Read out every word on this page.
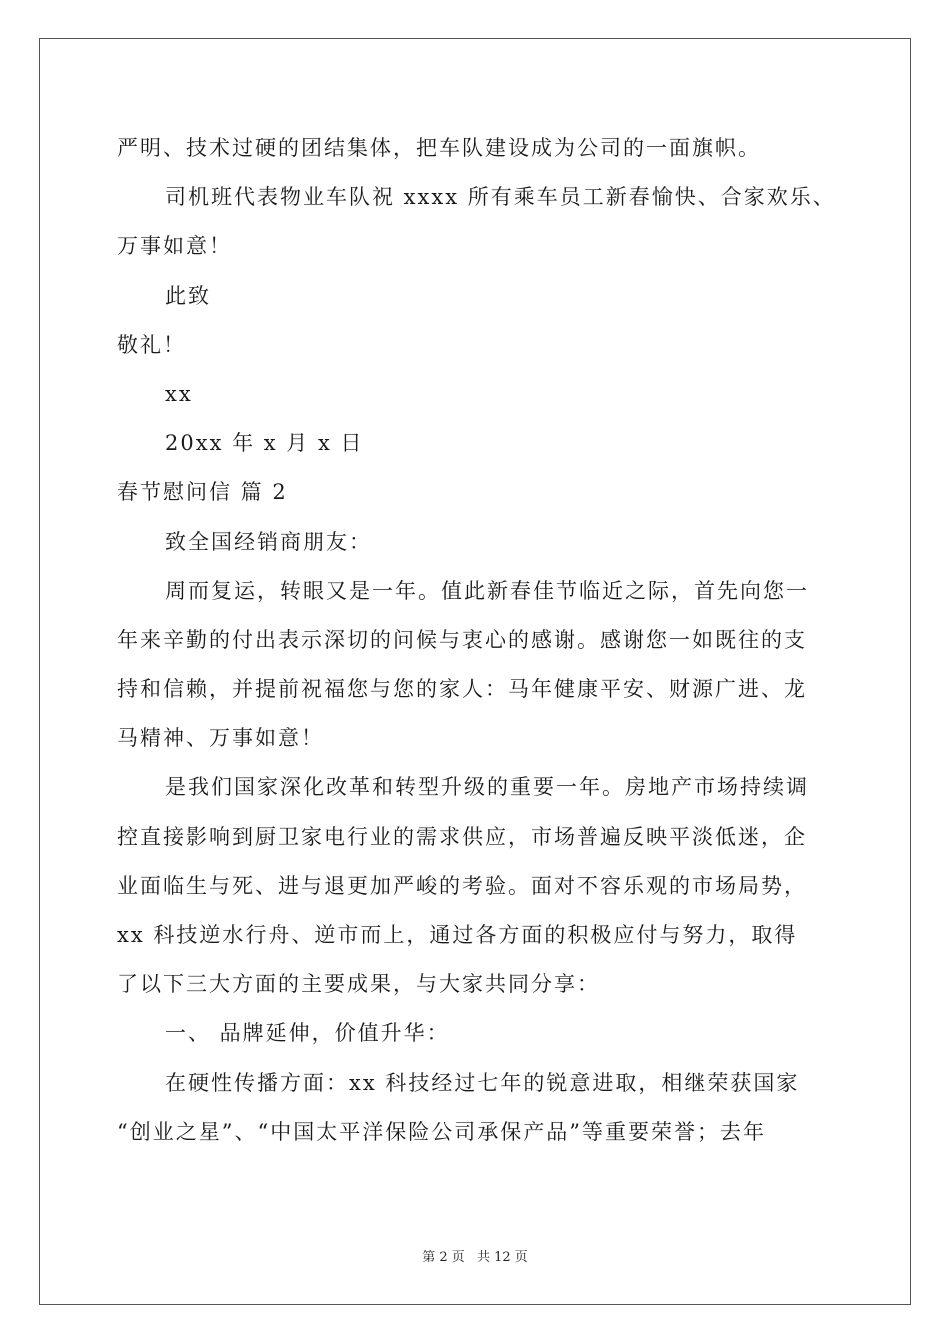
严明、技术过硬的团结集体，把车队建设成为公司的一面旗帜。
司机班代表物业车队祝 xxxx 所有乘车员工新春愉快、合家欢乐、
万事如意！
此致
敬礼！
xx
20xx 年 x 月 x 日
春节慰问信 篇 2
致全国经销商朋友：
周而复运，转眼又是一年。值此新春佳节临近之际，首先向您一
年来辛勤的付出表示深切的问候与衷心的感谢。感谢您一如既往的支
持和信赖，并提前祝福您与您的家人：马年健康平安、财源广进、龙
马精神、万事如意！
是我们国家深化改革和转型升级的重要一年。房地产市场持续调
控直接影响到厨卫家电行业的需求供应，市场普遍反映平淡低迷，企
业面临生与死、进与退更加严峻的考验。面对不容乐观的市场局势，
xx 科技逆水行舟、逆市而上，通过各方面的积极应付与努力，取得
了以下三大方面的主要成果，与大家共同分享：
一、 品牌延伸，价值升华：
在硬性传播方面：xx 科技经过七年的锐意进取，相继荣获国家
“创业之星”、“中国太平洋保险公司承保产品”等重要荣誉；去年
第 2 页 共 12 页
